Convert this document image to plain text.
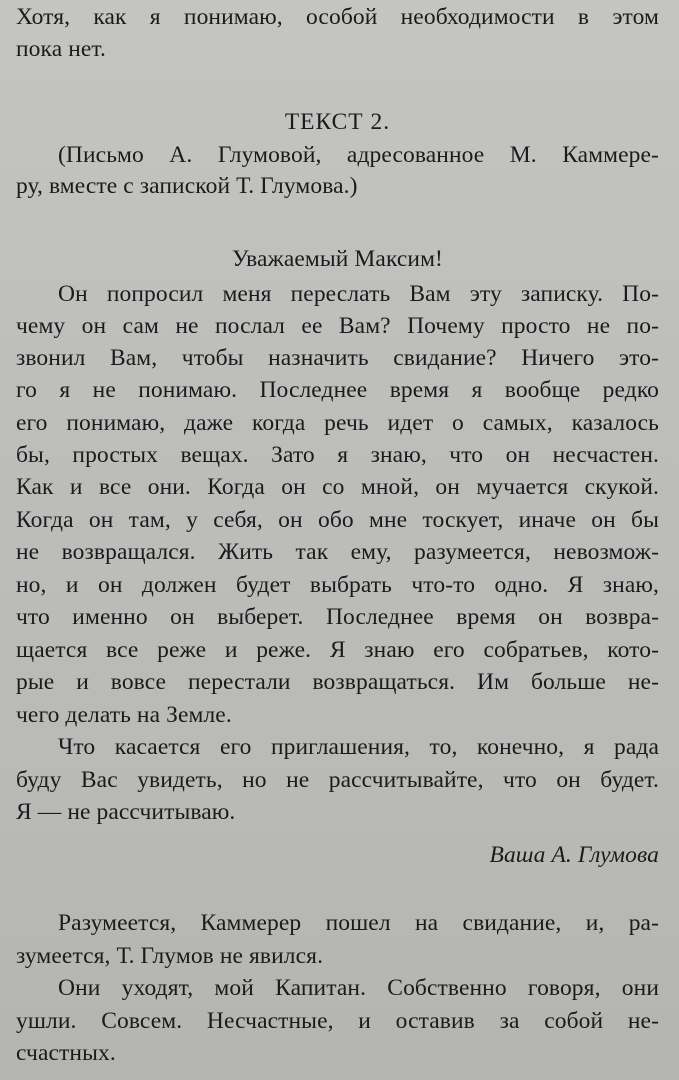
Хотя, как я понимаю, особой необходимости в этом
пока нет.
ТЕКСТ 2.
(Письмо А. Глумовой, адресованное М. Каммере-
ру, вместе с запиской Т. Глумова.)
Уважаемый Максим!
Он попросил меня переслать Вам эту записку. По-
чему он сам не послал ее Вам? Почему просто не по-
звонил Вам, чтобы назначить свидание? Ничего это-
го я не понимаю. Последнее время я вообще редко
его понимаю, даже когда речь идет о самых, казалось
бы, простых вещах. Зато я знаю, что он несчастен.
Как и все они. Когда он со мной, он мучается скукой.
Когда он там, у себя, он обо мне тоскует, иначе он бы
не возвращался. Жить так ему, разумеется, невозмож-
но, и он должен будет выбрать что-то одно. Я знаю,
что именно он выберет. Последнее время он возвра-
щается все реже и реже. Я знаю его собратьев, кото-
рые и вовсе перестали возвращаться. Им больше не-
чего делать на Земле.
Что касается его приглашения, то, конечно, я рада
буду Вас увидеть, но не рассчитывайте, что он будет.
Я — не рассчитываю.
Ваша А. Глумова
Разумеется, Каммерер пошел на свидание, и, ра-
зумеется, Т. Глумов не явился.
Они уходят, мой Капитан. Собственно говоря, они
ушли. Совсем. Несчастные, и оставив за собой не-
счастных.
